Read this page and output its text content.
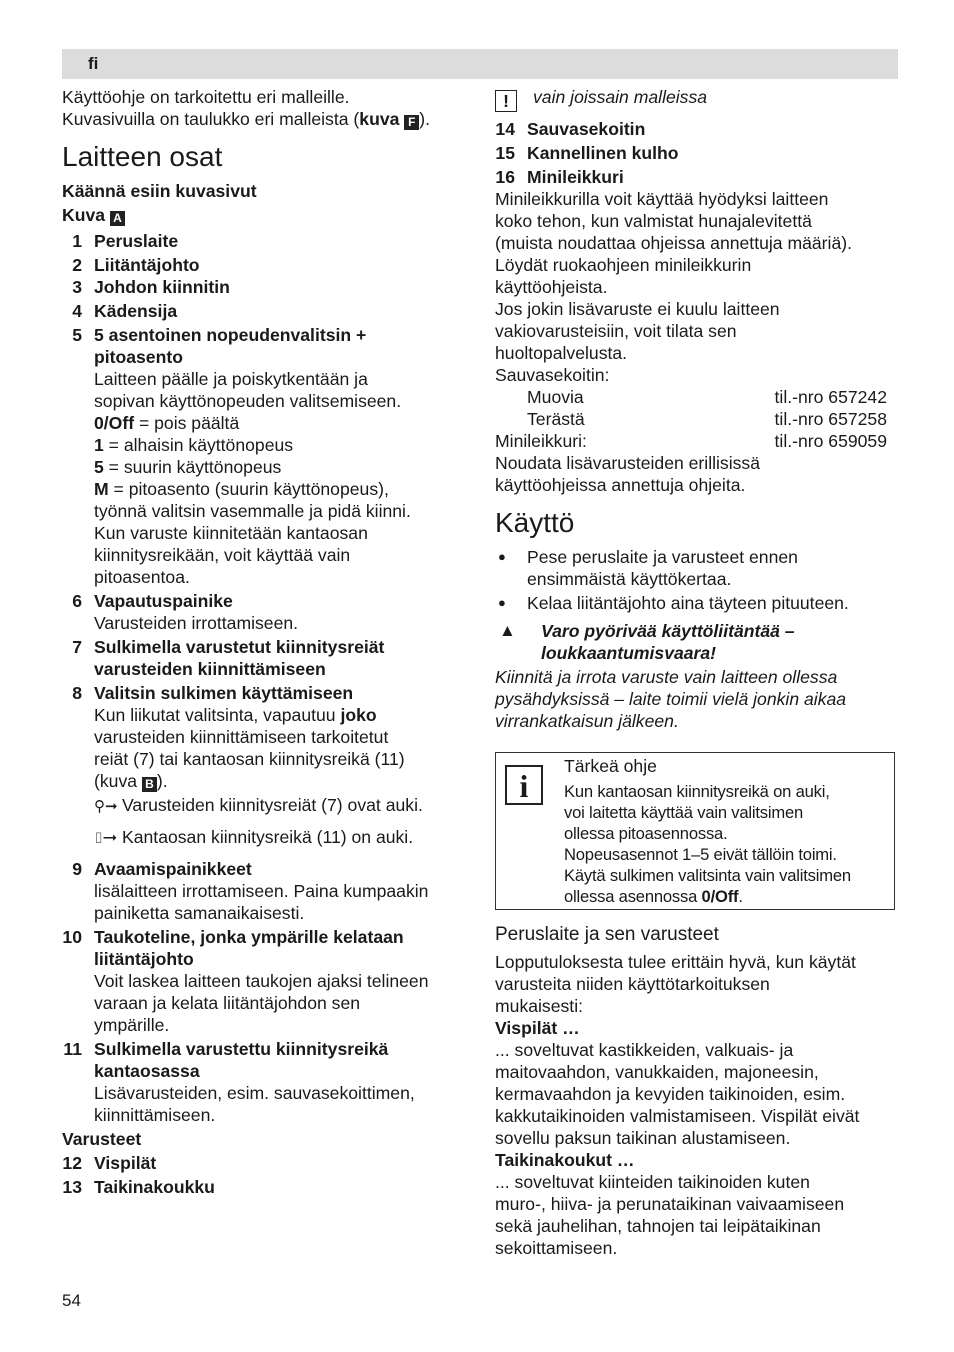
fi

Käyttöohje on tarkoitettu eri malleille.

Kuvasivuilla on taulukko eri malleista (kuva F ).

Laitteen osat

Käännä esiin kuvasivut

Kuva A

1 Peruslaite
2 Liitäntäjohto
3 Johdon kiinnitin
4 Kädensija
5 5 asentoinen nopeudenvalitsin +
pitoasento
Laitteen päälle ja poiskytkentään ja
sopivan käyttönopeuden valitsemiseen.
0/Off = pois päältä
1 = alhaisin käyttönopeus
5 = suurin käyttönopeus
M = pitoasento (suurin käyttönopeus),
työnnä valitsin vasemmalle ja pidä kiinni.
Kun varuste kiinnitetään kantaosan
kiinnitysreikään, voit käyttää vain
pitoasentoa.
6 Vapautuspainike
Varusteiden irrottamiseen.
7 Sulkimella varustetut kiinnitysreiät
varusteiden kiinnittämiseen
8 Valitsin sulkimen käyttämiseen
Kun liikutat valitsinta, vapautuu joko
varusteiden kiinnittämiseen tarkoitetut
reiät (7) tai kantaosan kiinnitysreikä (11)
(kuva B ).

⚲➞ Varusteiden kiinnitysreiät (7) ovat auki.
⌷➞ Kantaosan kiinnitysreikä (11) on auki.
9 Avaamispainikkeet
lisälaitteen irrottamiseen. Paina kumpaakin
painiketta samanaikaisesti.
10 Taukoteline, jonka ympärille kelataan
liitäntäjohto
Voit laskea laitteen taukojen ajaksi telineen
varaan ja kelata liitäntäjohdon sen
ympärille.
11 Sulkimella varustettu kiinnitysreikä
kantaosassa
Lisävarusteiden, esim. sauvasekoittimen,
kiinnittämiseen.

Varusteet

12 Vispilät
13 Taikinakoukku

! vain joissain malleissa

14 Sauvasekoitin
15 Kannellinen kulho
16 Minileikkuri

Minileikkurilla voit käyttää hyödyksi laitteen
koko tehon, kun valmistat hunajalevitettä
(muista noudattaa ohjeissa annettuja määriä).
Löydät ruokaohjeen minileikkurin
käyttöohjeista.

Jos jokin lisävaruste ei kuulu laitteen
vakiovarusteisiin, voit tilata sen
huoltopalvelusta.

Sauvasekoitin:

Muovia	til.-nro 657242
Terästä	til.-nro 657258
Minileikkuri:	til.-nro 659059

Noudata lisävarusteiden erillisissä
käyttöohjeissa annettuja ohjeita.

Käyttö
● Pese peruslaite ja varusteet ennen
ensimmäistä käyttökertaa.
● Kelaa liitäntäjohto aina täyteen pituuteen.
▲ Varo pyörivää käyttöliitäntää –
loukkaantumisvaara!

Kiinnitä ja irrota varuste vain laitteen ollessa
pysähdyksissä – laite toimii vielä jonkin aikaa
virrankatkaisun jälkeen.

i
Tärkeä ohje
Kun kantaosan kiinnitysreikä on auki,
voi laitetta käyttää vain valitsimen
ollessa pitoasennossa.
Nopeusasennot 1–5 eivät tällöin toimi.
Käytä sulkimen valitsinta vain valitsimen
ollessa asennossa 0/Off.

Peruslaite ja sen varusteet

Lopputuloksesta tulee erittäin hyvä, kun käytät
varusteita niiden käyttötarkoituksen
mukaisesti:

Vispilät …

... soveltuvat kastikkeiden, valkuais- ja
maitovaahdon, vanukkaiden, majoneesin,
kermavaahdon ja kevyiden taikinoiden, esim.
kakkutaikinoiden valmistamiseen. Vispilät eivät
sovellu paksun taikinan alustamiseen.

Taikinakoukut …

... soveltuvat kiinteiden taikinoiden kuten
muro-, hiiva- ja perunataikinan vaivaamiseen
sekä jauhelihan, tahnojen tai leipätaikinan
sekoittamiseen.

54
